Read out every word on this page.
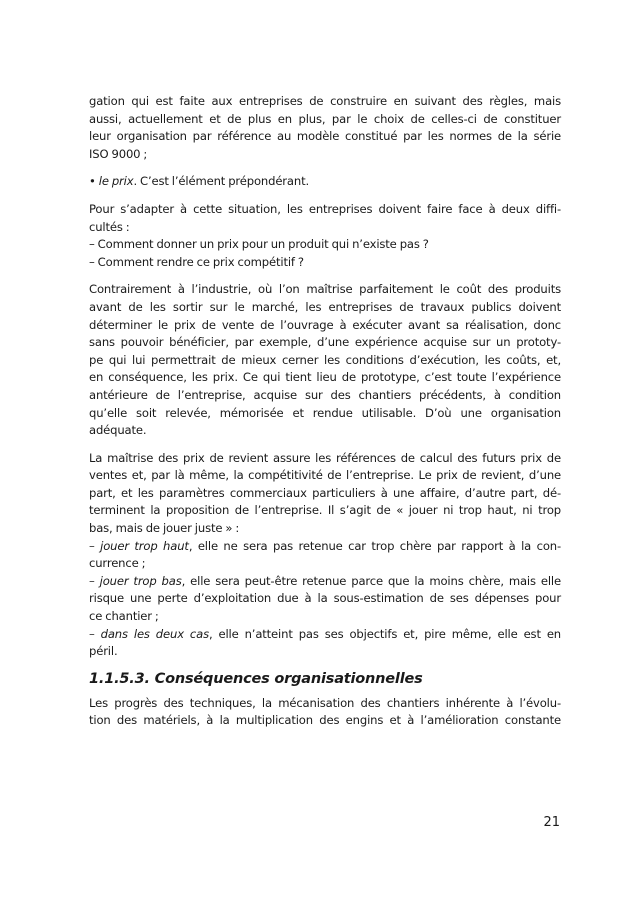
gation qui est faite aux entreprises de construire en suivant des règles, mais
aussi, actuellement et de plus en plus, par le choix de celles-ci de constituer
leur organisation par référence au modèle constitué par les normes de la série
ISO 9000 ;

• le prix. C’est l’élément prépondérant.

Pour s’adapter à cette situation, les entreprises doivent faire face à deux diffi-
cultés :
– Comment donner un prix pour un produit qui n’existe pas ?
– Comment rendre ce prix compétitif ?

Contrairement à l’industrie, où l’on maîtrise parfaitement le coût des produits
avant de les sortir sur le marché, les entreprises de travaux publics doivent
déterminer le prix de vente de l’ouvrage à exécuter avant sa réalisation, donc
sans pouvoir bénéficier, par exemple, d’une expérience acquise sur un prototy-
pe qui lui permettrait de mieux cerner les conditions d’exécution, les coûts, et,
en conséquence, les prix. Ce qui tient lieu de prototype, c’est toute l’expérience
antérieure de l’entreprise, acquise sur des chantiers précédents, à condition
qu’elle soit relevée, mémorisée et rendue utilisable. D’où une organisation
adéquate.

La maîtrise des prix de revient assure les références de calcul des futurs prix de
ventes et, par là même, la compétitivité de l’entreprise. Le prix de revient, d’une
part, et les paramètres commerciaux particuliers à une affaire, d’autre part, dé-
terminent la proposition de l’entreprise. Il s’agit de « jouer ni trop haut, ni trop
bas, mais de jouer juste » :
– jouer trop haut, elle ne sera pas retenue car trop chère par rapport à la con-
currence ;
– jouer trop bas, elle sera peut-être retenue parce que la moins chère, mais elle
risque une perte d’exploitation due à la sous-estimation de ses dépenses pour
ce chantier ;
– dans les deux cas, elle n’atteint pas ses objectifs et, pire même, elle est en
péril.

1.1.5.3. Conséquences organisationnelles

Les progrès des techniques, la mécanisation des chantiers inhérente à l’évolu-
tion des matériels, à la multiplication des engins et à l’amélioration constante

21
